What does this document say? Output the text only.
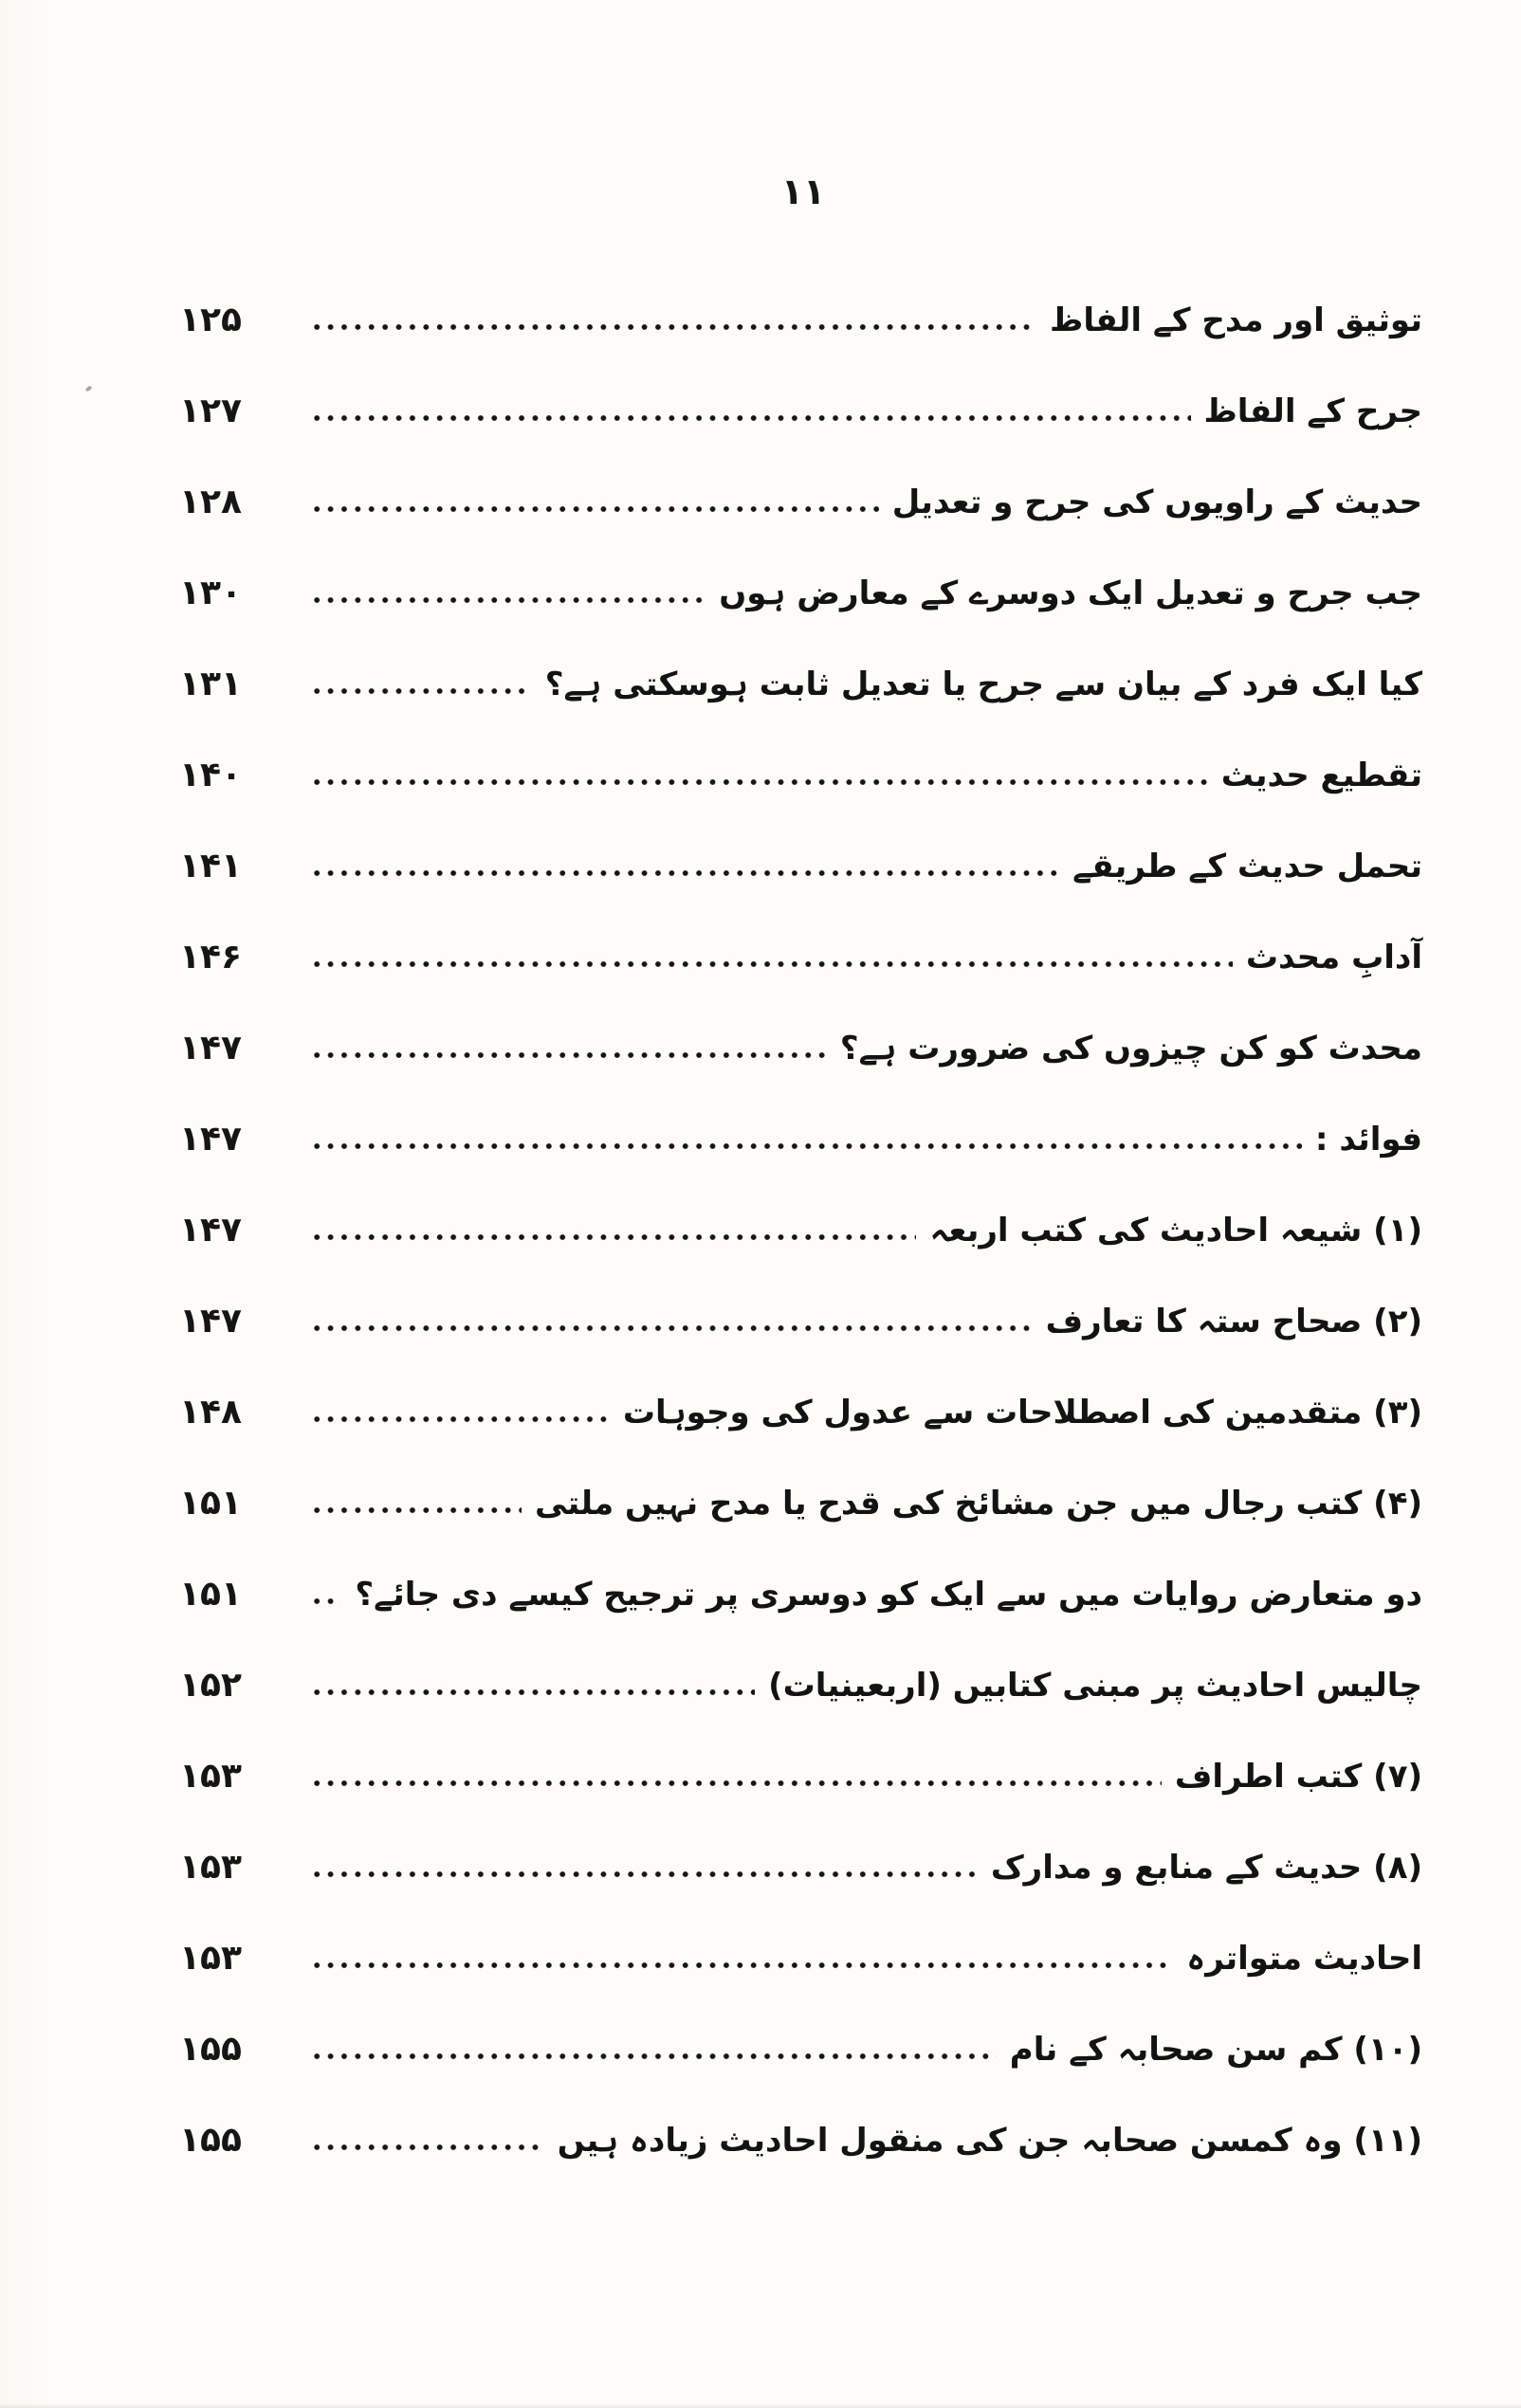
۱۱
۱۲۵	توثیق اور مدح کے الفاظ
۱۲۷	جرح کے الفاظ
۱۲۸	حدیث کے راویوں کی جرح و تعدیل
۱۳۰	جب جرح و تعدیل ایک دوسرے کے معارض ہوں
۱۳۱	کیا ایک فرد کے بیان سے جرح یا تعدیل ثابت ہوسکتی ہے؟
۱۴۰	تقطیع حدیث
۱۴۱	تحمل حدیث کے طریقے
۱۴۶	آدابِ محدث
۱۴۷	محدث کو کن چیزوں کی ضرورت ہے؟
۱۴۷	فوائد :
۱۴۷	(۱) شیعہ احادیث کی کتب اربعہ
۱۴۷	(۲) صحاح ستہ کا تعارف
۱۴۸	(۳) متقدمین کی اصطلاحات سے عدول کی وجوہات
۱۵۱	(۴) کتب رجال میں جن مشائخ کی قدح یا مدح نہیں ملتی
۱۵۱	دو متعارض روایات میں سے ایک کو دوسری پر ترجیح کیسے دی جائے؟
۱۵۲	چالیس احادیث پر مبنی کتابیں (اربعینیات)
۱۵۳	(۷) کتب اطراف
۱۵۳	(۸) حدیث کے منابع و مدارک
۱۵۳	احادیث متواترہ
۱۵۵	(۱۰) کم سن صحابہ کے نام
۱۵۵	(۱۱) وہ کمسن صحابہ جن کی منقول احادیث زیادہ ہیں
